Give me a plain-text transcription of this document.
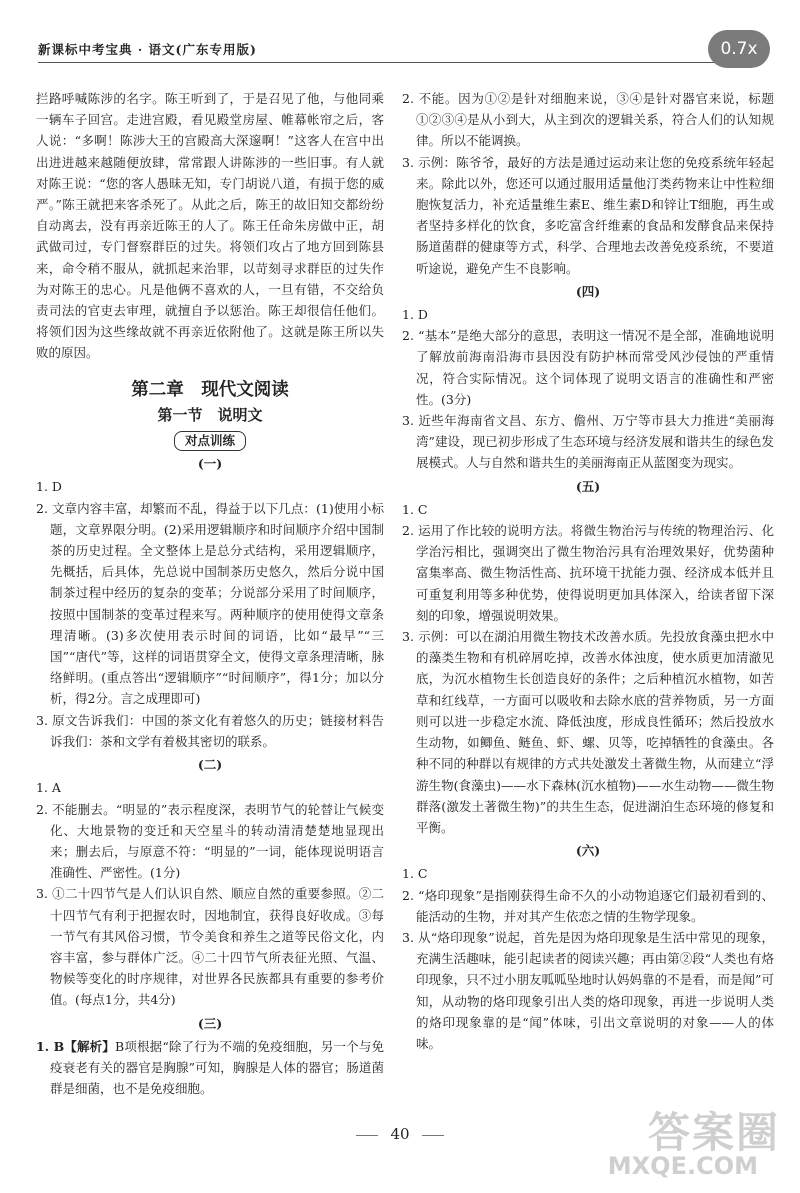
新课标中考宝典 · 语文(广东专用版)	0.7x

拦路呼喊陈涉的名字。陈王听到了，于是召见了他，与他同乘一辆车子回宫。走进宫殿，看见殿堂房屋、帷幕帐帘之后，客人说：“多啊！陈涉大王的宫殿高大深邃啊！”这客人在宫中出出进进越来越随便放肆，常常跟人讲陈涉的一些旧事。有人就对陈王说：“您的客人愚昧无知，专门胡说八道，有损于您的威严。”陈王就把来客杀死了。从此之后，陈王的故旧知交都纷纷自动离去，没有再亲近陈王的人了。陈王任命朱房做中正，胡武做司过，专门督察群臣的过失。将领们攻占了地方回到陈县来，命令稍不服从，就抓起来治罪，以苛刻寻求群臣的过失作为对陈王的忠心。凡是他俩不喜欢的人，一旦有错，不交给负责司法的官吏去审理，就擅自予以惩治。陈王却很信任他们。将领们因为这些缘故就不再亲近依附他了。这就是陈王所以失败的原因。

第二章　现代文阅读

第一节　说明文

对点训练

(一)

1. D

2. 文章内容丰富，却繁而不乱，得益于以下几点：(1)使用小标题，文章界限分明。(2)采用逻辑顺序和时间顺序介绍中国制茶的历史过程。全文整体上是总分式结构，采用逻辑顺序，先概括，后具体，先总说中国制茶历史悠久，然后分说中国制茶过程中经历的复杂的变革；分说部分采用了时间顺序，按照中国制茶的变革过程来写。两种顺序的使用使得文章条理清晰。(3)多次使用表示时间的词语，比如“最早”“三国”“唐代”等，这样的词语贯穿全文，使得文章条理清晰，脉络鲜明。(重点答出“逻辑顺序”“时间顺序”，得1分；加以分析，得2分。言之成理即可)

3. 原文告诉我们：中国的茶文化有着悠久的历史；链接材料告诉我们：茶和文学有着极其密切的联系。

(二)

1. A

2. 不能删去。“明显的”表示程度深，表明节气的轮替让气候变化、大地景物的变迁和天空星斗的转动清清楚楚地显现出来；删去后，与原意不符：“明显的”一词，能体现说明语言准确性、严密性。(1分)

3. ①二十四节气是人们认识自然、顺应自然的重要参照。②二十四节气有利于把握农时，因地制宜，获得良好收成。③每一节气有其风俗习惯，节令美食和养生之道等民俗文化，内容丰富，参与群体广泛。④二十四节气所表征光照、气温、物候等变化的时序规律，对世界各民族都具有重要的参考价值。(每点1分，共4分)

(三)

1. B【解析】B项根据“除了行为不端的免疫细胞，另一个与免疫衰老有关的器官是胸腺”可知，胸腺是人体的器官；肠道菌群是细菌，也不是免疫细胞。

2. 不能。因为①②是针对细胞来说，③④是针对器官来说，标题①②③④是从小到大，从主到次的逻辑关系，符合人们的认知规律。所以不能调换。

3. 示例：陈爷爷，最好的方法是通过运动来让您的免疫系统年轻起来。除此以外，您还可以通过服用适量他汀类药物来让中性粒细胞恢复活力，补充适量维生素E、维生素D和锌让T细胞，再生或者坚持多样化的饮食，多吃富含纤维素的食品和发酵食品来保持肠道菌群的健康等方式，科学、合理地去改善免疫系统，不要道听途说，避免产生不良影响。

(四)

1. D

2. “基本”是绝大部分的意思，表明这一情况不是全部，准确地说明了解放前海南沿海市县因没有防护林而常受风沙侵蚀的严重情况，符合实际情况。这个词体现了说明文语言的准确性和严密性。(3分)

3. 近些年海南省文昌、东方、儋州、万宁等市县大力推进“美丽海湾”建设，现已初步形成了生态环境与经济发展和谐共生的绿色发展模式。人与自然和谐共生的美丽海南正从蓝图变为现实。

(五)

1. C

2. 运用了作比较的说明方法。将微生物治污与传统的物理治污、化学治污相比，强调突出了微生物治污具有治理效果好，优势菌种富集率高、微生物活性高、抗环境干扰能力强、经济成本低并且可重复利用等多种优势，使得说明更加具体深入，给读者留下深刻的印象，增强说明效果。

3. 示例：可以在湖泊用微生物技术改善水质。先投放食藻虫把水中的藻类生物和有机碎屑吃掉，改善水体浊度，使水质更加清澈见底，为沉水植物生长创造良好的条件；之后种植沉水植物，如苦草和红线草，一方面可以吸收和去除水底的营养物质，另一方面则可以进一步稳定水流、降低浊度，形成良性循环；然后投放水生动物，如鲫鱼、鲢鱼、虾、螺、贝等，吃掉牺牲的食藻虫。各种不同的种群以有规律的方式共处激发土著微生物，从而建立“浮游生物(食藻虫)——水下森林(沉水植物)——水生动物——微生物群落(激发土著微生物)”的共生生态，促进湖泊生态环境的修复和平衡。

(六)

1. C

2. “烙印现象”是指刚获得生命不久的小动物追逐它们最初看到的、能活动的生物，并对其产生依恋之情的生物学现象。

3. 从“烙印现象”说起，首先是因为烙印现象是生活中常见的现象，充满生活趣味，能引起读者的阅读兴趣；再由第②段“人类也有烙印现象，只不过小朋友呱呱坠地时认妈妈靠的不是看，而是闻”可知，从动物的烙印现象引出人类的烙印现象，再进一步说明人类的烙印现象靠的是“闻”体味，引出文章说明的对象——人的体味。

40	答案圈
MXQE.COM
